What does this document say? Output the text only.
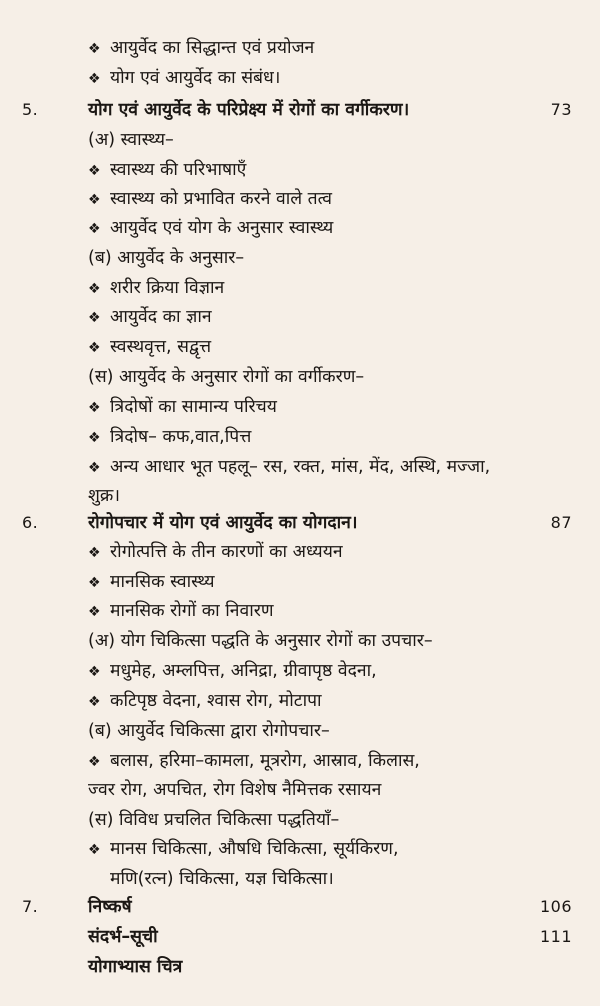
❖ आयुर्वेद का सिद्धान्त एवं प्रयोजन
❖ योग एवं आयुर्वेद का संबंध।
5.	योग एवं आयुर्वेद के परिप्रेक्ष्य में रोगों का वर्गीकरण।	73
(अ) स्वास्थ्य–
❖ स्वास्थ्य की परिभाषाएँ
❖ स्वास्थ्य को प्रभावित करने वाले तत्व
❖ आयुर्वेद एवं योग के अनुसार स्वास्थ्य
(ब) आयुर्वेद के अनुसार–
❖ शरीर क्रिया विज्ञान
❖ आयुर्वेद का ज्ञान
❖ स्वस्थवृत्त, सद्वृत्त
(स) आयुर्वेद के अनुसार रोगों का वर्गीकरण–
❖ त्रिदोषों का सामान्य परिचय
❖ त्रिदोष– कफ,वात,पित्त
❖ अन्य आधार भूत पहलू– रस, रक्त, मांस, मेंद, अस्थि, मज्जा,
शुक्र।
6.	रोगोपचार में योग एवं आयुर्वेद का योगदान।	87
❖ रोगोत्पत्ति के तीन कारणों का अध्ययन
❖ मानसिक स्वास्थ्य
❖ मानसिक रोगों का निवारण
(अ) योग चिकित्सा पद्धति के अनुसार रोगों का उपचार–
❖ मधुमेह, अम्लपित्त, अनिद्रा, ग्रीवापृष्ठ वेदना,
❖ कटिपृष्ठ वेदना, श्वास रोग, मोटापा
(ब) आयुर्वेद चिकित्सा द्वारा रोगोपचार–
❖ बलास, हरिमा–कामला, मूत्ररोग, आस्राव, किलास,
ज्वर रोग, अपचित, रोग विशेष नैमित्तक रसायन
(स) विविध प्रचलित चिकित्सा पद्धतियाँ–
❖ मानस चिकित्सा, औषधि चिकित्सा, सूर्यकिरण,
मणि(रत्न) चिकित्सा, यज्ञ चिकित्सा।
7.	निष्कर्ष	106
संदर्भ–सूची	111
योगाभ्यास चित्र
